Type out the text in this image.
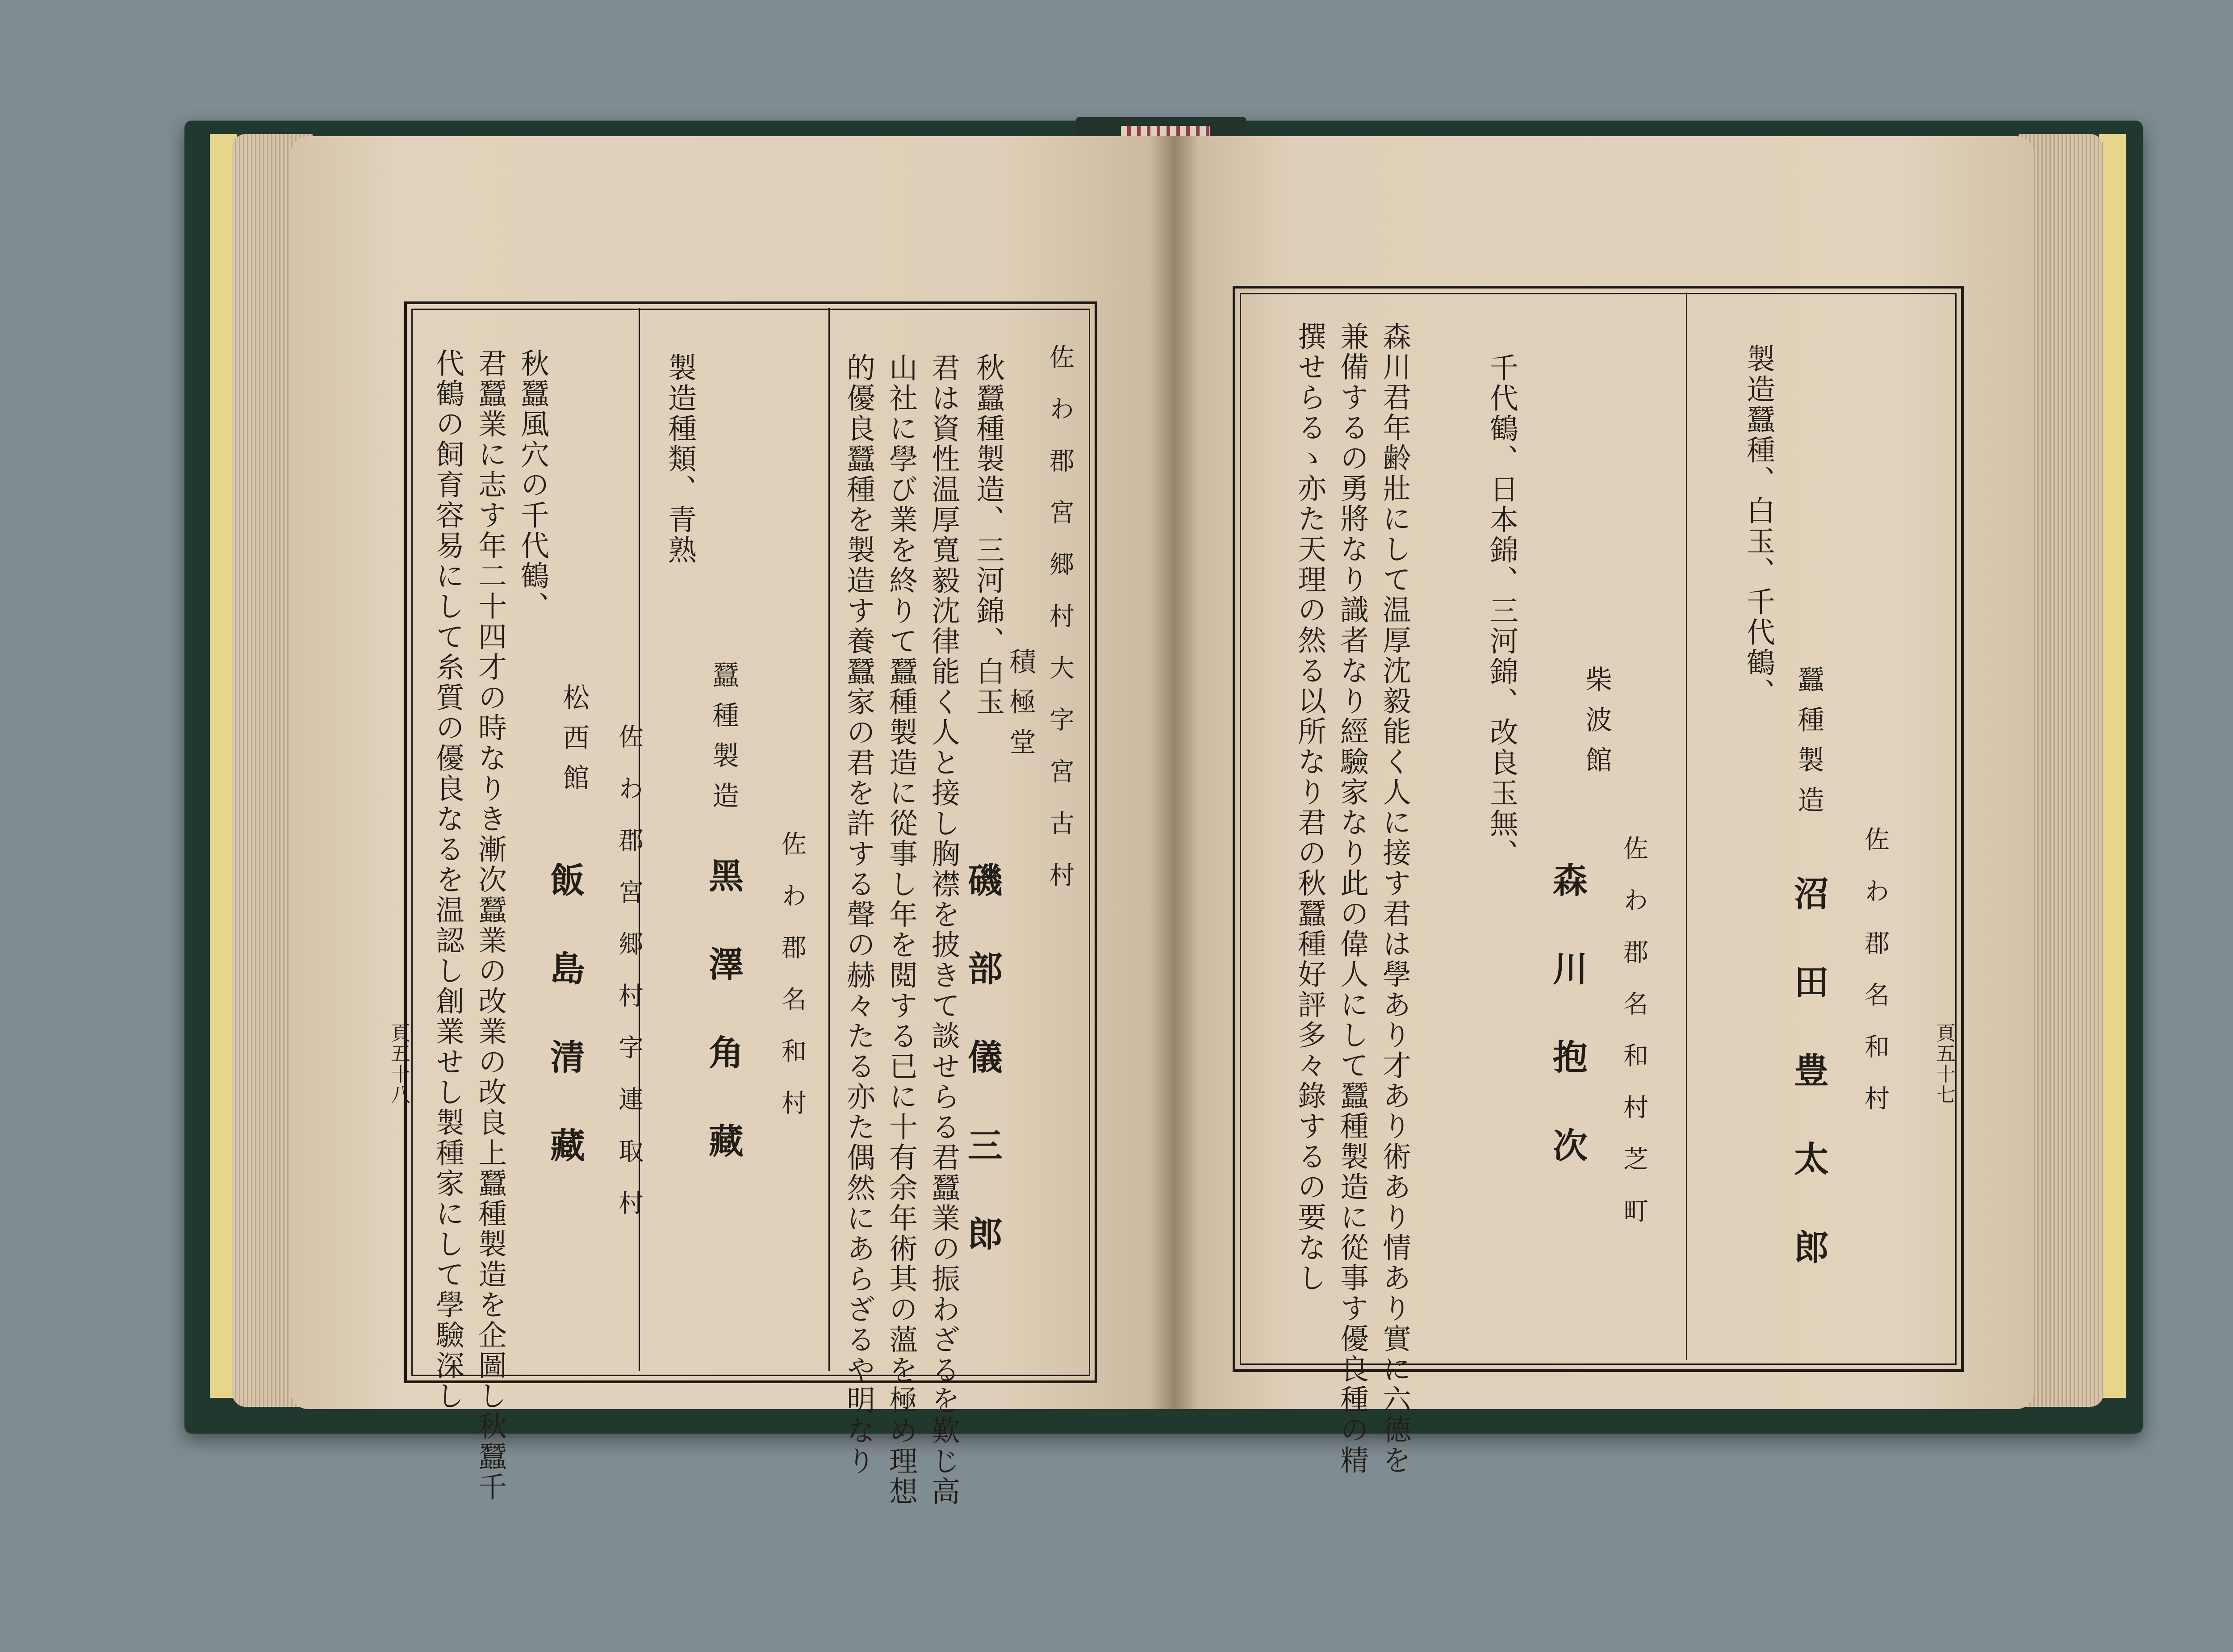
佐わ郡宮郷村大字宮古村
積極堂
磯部儀三郎
秋蠶種製造、三河錦、白玉
君は資性温厚寬毅沈律能く人と接し胸襟を披きて談せらる君蠶業の振わざるを歎じ高
山社に學び業を終りて蠶種製造に從事し年を閲する已に十有余年術其の薀を極め理想
的優良蠶種を製造す養蠶家の君を許する聲の赫々たる亦た偶然にあらざるや明なり
佐わ郡名和村
蠶種製造
黑澤角藏
製造種類、青熟
佐わ郡宮郷村字連取村
松西館
飯島清藏
秋蠶風穴の千代鶴、
君蠶業に志す年二十四才の時なりき漸次蠶業の改業の改良上蠶種製造を企圖し秋蠶千
代鶴の飼育容易にして糸質の優良なるを温認し創業せし製種家にして學驗深し
頁五十八	佐わ郡名和村
蠶種製造
沼田豊太郎
製造蠶種、白玉、千代鶴、
佐わ郡名和村芝町
柴波館
森川抱次
千代鶴、日本錦、三河錦、改良玉無、
森川君年齢壯にして温厚沈毅能く人に接す君は學あり才あり術あり情あり實に六德を
兼備するの勇將なり識者なり經驗家なり此の偉人にして蠶種製造に從事す優良種の精
撰せらるゝ亦た天理の然る以所なり君の秋蠶種好評多々錄するの要なし	頁五十七
